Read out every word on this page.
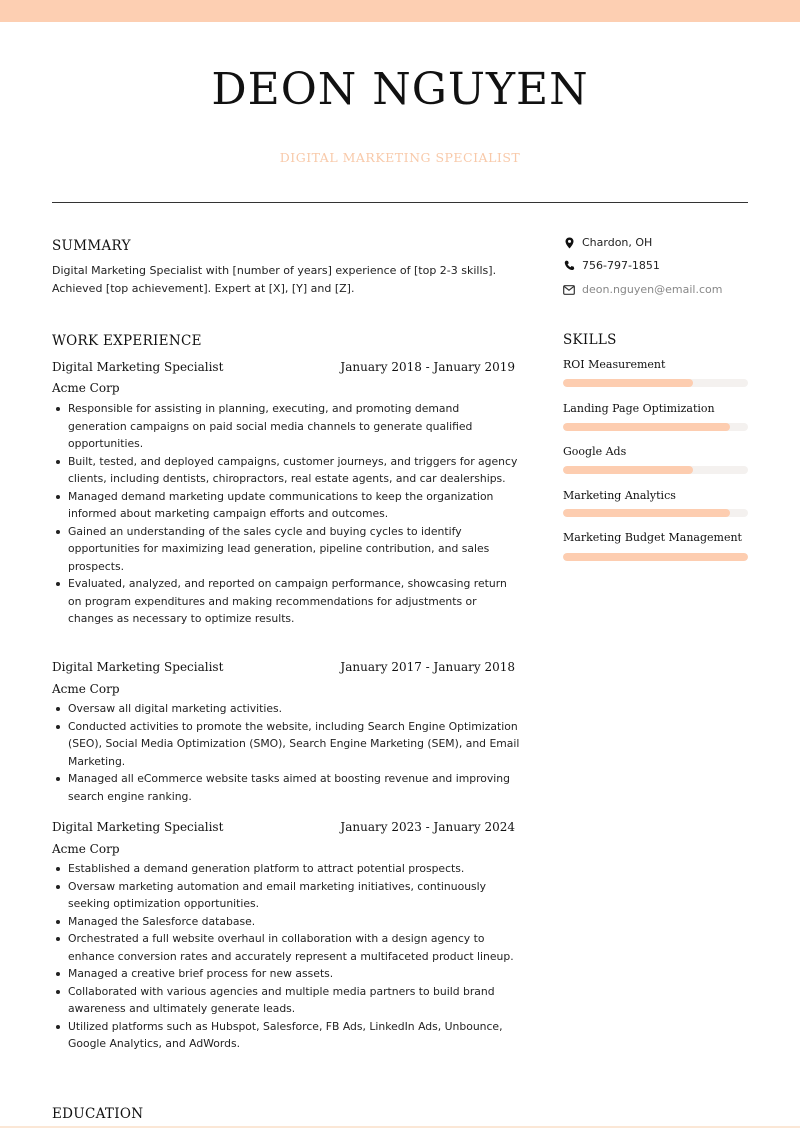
DEON NGUYEN
DIGITAL MARKETING SPECIALIST
SUMMARY
Digital Marketing Specialist with [number of years] experience of [top 2-3 skills].
Achieved [top achievement]. Expert at [X], [Y] and [Z].
WORK EXPERIENCE
Digital Marketing Specialist	January 2018 - January 2019
Acme Corp
Responsible for assisting in planning, executing, and promoting demand generation campaigns on paid social media channels to generate qualified opportunities.
Built, tested, and deployed campaigns, customer journeys, and triggers for agency clients, including dentists, chiropractors, real estate agents, and car dealerships.
Managed demand marketing update communications to keep the organization informed about marketing campaign efforts and outcomes.
Gained an understanding of the sales cycle and buying cycles to identify opportunities for maximizing lead generation, pipeline contribution, and sales prospects.
Evaluated, analyzed, and reported on campaign performance, showcasing return on program expenditures and making recommendations for adjustments or changes as necessary to optimize results.
Digital Marketing Specialist	January 2017 - January 2018
Acme Corp
Oversaw all digital marketing activities.
Conducted activities to promote the website, including Search Engine Optimization (SEO), Social Media Optimization (SMO), Search Engine Marketing (SEM), and Email Marketing.
Managed all eCommerce website tasks aimed at boosting revenue and improving search engine ranking.
Digital Marketing Specialist	January 2023 - January 2024
Acme Corp
Established a demand generation platform to attract potential prospects.
Oversaw marketing automation and email marketing initiatives, continuously seeking optimization opportunities.
Managed the Salesforce database.
Orchestrated a full website overhaul in collaboration with a design agency to enhance conversion rates and accurately represent a multifaceted product lineup.
Managed a creative brief process for new assets.
Collaborated with various agencies and multiple media partners to build brand awareness and ultimately generate leads.
Utilized platforms such as Hubspot, Salesforce, FB Ads, LinkedIn Ads, Unbounce, Google Analytics, and AdWords.
EDUCATION
Chardon, OH
756-797-1851
deon.nguyen@email.com
SKILLS
ROI Measurement
Landing Page Optimization
Google Ads
Marketing Analytics
Marketing Budget Management
